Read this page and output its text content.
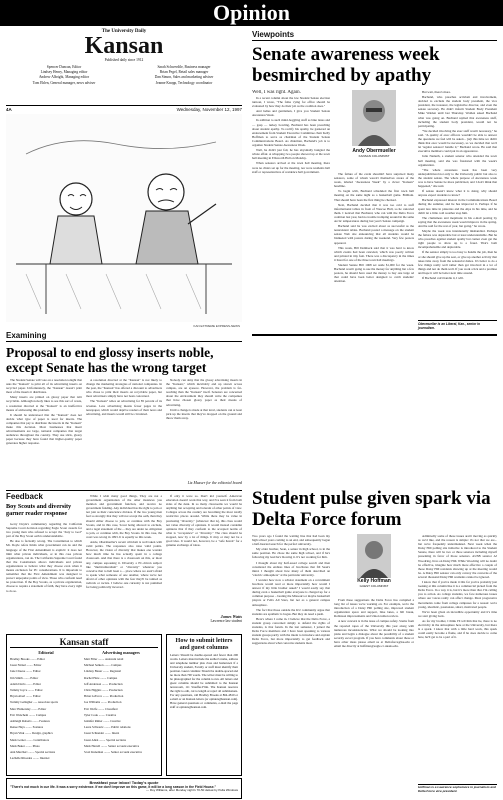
Opinion
The University Daily
Kansan
Published daily since 1912
Spencer Duncan, Editor
Lindsey Henry, Managing editor
Andrew Albright, Managing editor
Tom Eblen, General manager, news adviser
Sarah Schwerdtle, Business manager
Brian Pegel, Retail sales manager
Dan Simon, Sales and marketing adviser
Jeanne Knopp, Technology coordinator
Viewpoints
4A	Wednesday, November 12, 1997
KAN EXTREME EXPRESS-NEWS
Senate awareness week besmirched by apathy

Well, I was right. Again.

In a recent column about the low Student Senate election turnout, I wrote, "The folks vying for office should be evaluated by how they do their job as the coalition does."

And ladies and gentlemen, I give you Student Senate Awareness Week.

In addition to such mind-boggling stuff as bike lanes and — gasp — turkey bowling, Bachand has been preaching about student apathy. To rectify his apathy, he garnered an endorsement from Student Executive Committee chair Kelly Hoffman to serve as chairman of the Student Senate Communications Board. As chairman, Bachand's job is to organize Student Senate Awareness Week.

Well, he didn't just fail, he has abysmally bungled the whole affair. A whopping two people showed up at the town hall meeting in Ellsworth Hall on Monday.

When senators arrived at the town hall meeting, there were no chairs set up for the meeting, nor were residents hall staff or representatives of residence hall government.

Andy Obermueller
KANSAN COLUMNIST

The failure of the event shouldn't have surprised many senators, some of whom weren't themselves aware of the week, labeled "Awareness Week" by a clever "Kansan" headline.

To begin with, Bachand scheduled the first town hall meeting on the same night as a basketball game. Brilliant. That should have been the first thing he checked.

Next, Bachand decided that it was too cold to staff informational tables in front of Wescoe Hall, so he canceled them. I noticed that Bachand, who ran with the Delta Force coalition last year, had no trouble tromping around in the same Arctic temperatures during last year's Senate campaign.

Bachand said he was excited about as successful as the nonexistent tables. Bachand posted a message on the student senate Web site announcing that all students would be blanketed with posters during the weekend. Very few posters appeared.

This week, Bill Dembeck said that it was hard to know which events had been canceled, which was poorly written and printed in tiny font. There was a discrepancy in the times it listed for one of the three town hall meetings.

Student Senate Bill 1068 set aside $1,000 for the week. Bachand wasn't going to use the money for anything but a few posters, he should have used the money to buy one large ad that could have been better designed to catch students' attention.

But wait, there's more.

Bachand, who preaches activism and involvement, decided to exclude the student body president, the vice president, the treasurer, the legislative director, and even the senate secretary. He didn't inform Student Body President Mike Walden until last Thursday. Walden asked Bachand what was going on. Bachand replied that awareness stuff, including the student body president, would not be participating.

"We decided involving the exec staff wasn't necessary," he said. "A quality of exec officers wouldn't be able to answer the questions we feel will be asked... [A]t this time we didn't think that exec would be necessary, so we decided that we'd let 'regular senators' handle it," Bachand wrote. He said that executive members could put in an appearance.

Julie Nameth, a student senator who attended the town hall meeting, said she was frustrated with the week's organization.

"The whole awareness week has been very underpublicized not only to the University public but also to the student senate. The whole purpose of Awareness week was to have Senate be more publicized, and I don't think that happened," she said.

If senate doesn't know what it is doing, why should anyone expect students to know?

Bachand expressed interest in the Communications Board during the summer, and he has improved it. Perhaps if he spent less time in pizzerias and the Alps in his time, and he didn't let a little cold weather stop him.

The clumsiness and ineptitude in his e-mail posting by saying that the awareness week would improve in the spring. And he said for the rest of year, but going." he wrote.

Maybe the week was intentionally mishandled. Perhaps the failure was deplorable but at least understandable. But he who preaches against student apathy but cannot even get the right people to show up is a fraud. That's both incomprehensible and deplorable.

If the senator simply is too busy to handle the job, then he or she should give up the seat, or give up another activity that takes time away from the senatorial duties. It's better to do a few things really well rather than get involved in a lot of things and not do them well. If you work a lick and a promise and hope it will be better next time around.

If Bachand can't handle it, I will.

Obermueller is an Liberal, Kan., senior in journalism.
Examining
Proposal to end glossy inserts noble, except Senate has the wrong target

The Student Senate will vote on a resolution tonight that asks the "Kansan" to print all of its advertising inserts on recycled paper. Unfortunately, the "Kansan" doesn't print most of the inserts it distributes.

Many inserts are printed on glossy paper that isn't recyclable. Although nobody likes to see this sort of waste, a resolution directed at the "Kansan" is an ineffective means of addressing this problem.

It should be understood that the "Kansan" does not decide what type of paper is used for inserts. The companies that pay to distribute the inserts in the "Kansan" make this decision. Most businesses that insert advertisements are large, national companies that target audiences throughout the country. They use slick, glossy paper because they have found that higher-quality paper generates higher response.

A resolution directed at the "Kansan" is not likely to change the marketing strategies of national companies. In the past, the "Kansan" has offered a discount to advertisers who chose to print their inserts on recyclable paper, but most advertisers simply have not been concerned.

The "Kansan" relies on advertising for 85 percent of its revenue. Less advertising means fewer pages in the newspaper, which would deprive readers of their news and advertising, and inserts would still be circulated.

Nobody can deny that the glossy advertising inserts in the "Kansan," which inevitably end up strewn across campus, are an eyesore. However, the problem is far-reaching than the "Kansan" itself. Senators are concerned about the environment they should write the companies that have chosen glossy paper as their means of advertising.

Until a change is made at that level, students can at least pick up the inserts that they've dropped on the ground and throw them away.

Liz Musser for the editorial board
Feedback
Boy Scouts and diversity garner reader response

Gerry Doyle's commentary regarding the California Supreme Court decision regarding Eagle Scout awards for two young men who refused to accept the "duty to God" part of the Boy Scout oath is understandable.

He also is factually wrong. The Constitution to which Mr. Doyle refers limits what government can do and the language of the First Amendment is explicit: it does not limit what private individuals, or in this case private organizations, can do. The California Supreme Court found that the Constitution allows individuals and private organizations to believe what they choose even when it means exclusion for PC considerations. It is important to remember that the First Amendment was designed to protect unpopular points of view. Those who conform need no protection. If the Boy Scouts, as a private organization, choose to require a statement of faith, they have every right to do so.

While I wish many good things, They are not a government organization of the other instances you mention and government function, and receive no government funding. Any individual has the right to join or not join as their conscience dictates. If the two young men feel so strongly that they will not accept the oath, then they should either choose to join, or continue with the Boy Scouts, and in this case, Scout being allowed to exclude, and a legal statement of the ... they are under no obligation to join, or continue with, the Boy Scouts. In this case, the court was wrong in 1993. It is equally so this week.

Aside, Obermueller's recent criticism is well taken with valid points. The responses also raise valid points. However, the vision of diversity that makes one wonder how much time he has actually spent in a college classroom. And that there is a classroom on this, or most any, campus espousing it. Diversity a PC-driven subject like "multiculturalism" or "diversity" whatever you conceive that to hell been a ... place where we aren't afraid to speak what someone of one another, where we're not afraid of other opinions with the fear they'll be tainted as radicals or racists. I believe one curiosity is not punished for being politically incorrect.

If only it were so. Don't kid yourself. American education doesn't work that way, and I've seen it from both sides of the desk. In so many classrooms we would be anything but accepting and tolerant of other points of view. Colleges across the country are becoming the most totally restrictive places around. While there may be value in promoting "diversity," (whatever that is), this class would not value diversity of opinions. It would instead condemn opinions that if they conform to the accepted norms of what is "acceptance" or "diversity." The class should be stopped, now by a lot of things. It may or may not be a good idea. It would not, however, be a "safe haven" for a genuine exchange of ideas.

James Watts
Lawrence law student
Kansan staff
Editorial
Bradley Brooks ........ Editor
Jason Nickel ........ Editor
Jane Cheese ........ Editor
Jim Smith ........ Editor
Adam Davis ........ Editor
Tammy Joyce ........ Editor
Bryan Aberl ........ Editor
Tommy Gallagher ..... Associate sports
Marc Hamersley ........ Editor
Eric Wanchem ........ Campus
Ashleigh Roberts ........ Features
Renee Hays ........ Features
Bryan Vink ........ Design, graphics
Mark Lerner ........ Contributors
Mark Baker ........ Photo
Ann Marchert ........ Special sections
Lachelle Rhoades ........ Internet
Advertising managers
Matt Filler ........ Assistant retail
Michael Selkon ........ Campus
Lindsay Bauer ........ Regional
Rachel Hare ........ Campus
Jeff Anderson ........ Production
Chris Higgins ........ Production
Brian LaForce ........ Production
Joe Williams ........ Production
Eric Wolfe ........ Classified
Tyler Cook ........ Creative
Jennifer Rimer ........ Creative
Laura Schwartz ........ Public relations
Jason Schneider ........ Intern
Jason Allen ........ Special sections
Mark Harrell ........ Senior account executive
Scott Kuneman ........ Senior account executive
Breakfast your inbox! Today's quote
"There's not much in our life. It was a sorry existence. If we don't improve on this game, it will be a long season in the Field House."
— Roy Williams, after Monday night's 70-50 defeat by Pella Windows
How to submit letters and guest columns
Letters: Should be double-spaced and fewer than 200 words. Letters must include the author's name, address and telephone number plus class and hometown if a University student, Faculty or staff must identify their position. Guest columns: Should be double-spaced and no more than 700 words. The writer must be willing to be photographed for the column to run. All letters and guest columns should be submitted to the Kansan newsroom, 111 Stauffer-Flint. The Kansan reserves the right to edit, cut to length or reject all submissions. For any questions, call Bradley Brooks at 864-4810 or e-mail or an Kansan letters (or opinion@kansan.com). Have general questions or comments, e-mail the page staff at opinion@kansan.com.
Student pulse given spark via Delta Force forum

Two years ago I found the waiting line that had been my high school years coming to an end, and subsequently began a half-hearted search for the perfect university.

My older brother, Sean, a senior in high school, is in the same position. He chose the same high school, and if he's following my lead he's blowing it. It's not working for him.

I thought about my half-assed college search and then considered the endless lines of brochures that fill Sean's mind. I thought about how many of them described an "electric atmosphere" at the particular university.

I wonder how now a scholar statement on a recruitment brochure would read or more importantly how would I answer if my little brother asked? I would easily say that during even a basketball game everyone is charged up for a common purpose – beating the Missouri or maybe basketball players or Felix All Stars, but not as a general campus atmosphere.

The fact that those outside the KU community argue that students are apathetic is bogus. But they do need a push.

Here's where I come in. I believe that the Delta Force, a student group concerned simply to defend the rights of students, is that forum. In the last semester, I joined the Delta Force members and I have been speaking to various student groups partly with the intent to introduce and explain Delta Force, but more importantly to get feedback and suggestions about what concerns students most.

Kelly Hoffman
GUEST COLUMNIST

From these suggestions the Delta Force has compiled a long list of issues we're working on. For example, we're the introduction of a Daisy Hill polling site, improved student organization space and support, bike lanes, a bill break, Robinson improvements and Union tuition review.

A new concern is in the issue of campus safety. Stems from the reported rapes of the University this year along with numerous inconsistencies. What we should be looking into plans and begin a dialogue about the possibility of a student security escort program. If you have comments about these or have other ideas please email us at Deltaforce@ku.edu or email me directly at hoffman@eagle.cc.ukans.edu.

Admittedly some of these issues aren't moving as quickly as we'd like, and the reason is simple: it's not that we are... but we're frequently undermanned. Next week when the Daisy Hill polling site initiative is introduced to the Student Senate, there will be two or three senators including myself presenting in favor of those senators. AUSB senator AJ Woodring, lives on Daisy Hill. While Woodring will no doubt be effective, imagine how much more effective a couple of those Daisy Hill residents showing up at the meeting would be. A Daisy Hill senator can only convey the concerns of the several thousand Daisy Hill residents cannot be ignored.

I know that if you've made it this far you've probably just looking at this column like it is a commercial picked from the Delta Force. In a way it is, but it's more than that. I'm calling you to action. As college students, we face numerous issues where our voices really can affect change. Most progressive movements come from college campuses for a reason: we're young, idealistic, passionate, smart, motivated people.

We've been given an incredible opportunity and it's time we start giving back.

As for my brother, I think I'll tell him that he, there is no electricity in the atmosphere here at the University, but there is a spark. I know that with a little hard work, this spark could easily become a flame, and if he does decide to come here, he'll get to be a part of it.

Hoffman is a Lawrence sophomore in journalism and Delta Force vice president.
